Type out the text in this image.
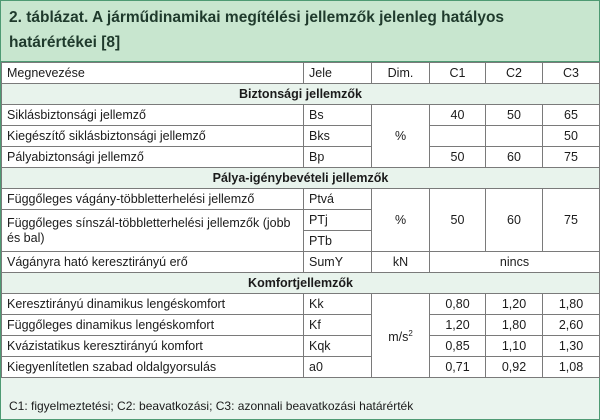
2. táblázat. A járműdinamikai megítélési jellemzők jelenleg hatályos
határértékei [8]
Megnevezése	Jele	Dim.	C1	C2	C3
Biztonsági jellemzők					
Siklásbiztonsági jellemző	Bs	%	40	50	65
Kiegészítő siklásbiztonsági jellemző	Bks				50
Pályabiztonsági jellemző	Bp		50	60	75
Pálya-igénybevételi jellemzők					
Függőleges vágány-többletterhelési jellemző	Ptvá	%	50	60	75
Függőleges sínszál-többletterhelési jellemzők (jobb és bal)	PTj				
	PTb				
Vágányra ható keresztirányú erő	SumY	kN	nincs		
Komfortjellemzők					
Keresztirányú dinamikus lengéskomfort	Kk	$m/s^2$	0,80	1,20	1,80
Függőleges dinamikus lengéskomfort	Kf		1,20	1,80	2,60
Kvázistatikus keresztirányú komfort	Kqk		0,85	1,10	1,30
Kiegyenlítetlen szabad oldalgyorsulás	a0		0,71	0,92	1,08
C1: figyelmeztetési; C2: beavatkozási; C3: azonnali beavatkozási határérték
